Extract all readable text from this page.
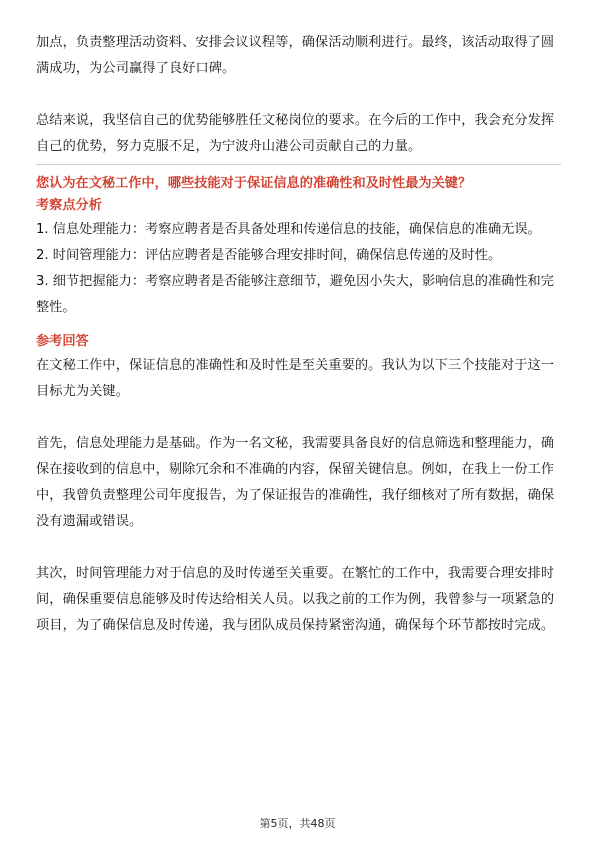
加点，负责整理活动资料、安排会议议程等，确保活动顺利进行。最终，该活动取得了圆满成功，为公司赢得了良好口碑。

总结来说，我坚信自己的优势能够胜任文秘岗位的要求。在今后的工作中，我会充分发挥自己的优势，努力克服不足，为宁波舟山港公司贡献自己的力量。

您认为在文秘工作中，哪些技能对于保证信息的准确性和及时性最为关键？

考察点分析

1. 信息处理能力：考察应聘者是否具备处理和传递信息的技能，确保信息的准确无误。

2. 时间管理能力：评估应聘者是否能够合理安排时间，确保信息传递的及时性。

3. 细节把握能力：考察应聘者是否能够注意细节，避免因小失大，影响信息的准确性和完整性。

参考回答

在文秘工作中，保证信息的准确性和及时性是至关重要的。我认为以下三个技能对于这一目标尤为关键。

首先，信息处理能力是基础。作为一名文秘，我需要具备良好的信息筛选和整理能力，确保在接收到的信息中，剔除冗余和不准确的内容，保留关键信息。例如，在我上一份工作中，我曾负责整理公司年度报告，为了保证报告的准确性，我仔细核对了所有数据，确保没有遗漏或错误。

其次，时间管理能力对于信息的及时传递至关重要。在繁忙的工作中，我需要合理安排时间，确保重要信息能够及时传达给相关人员。以我之前的工作为例，我曾参与一项紧急的项目，为了确保信息及时传递，我与团队成员保持紧密沟通，确保每个环节都按时完成。

第5页，共48页
